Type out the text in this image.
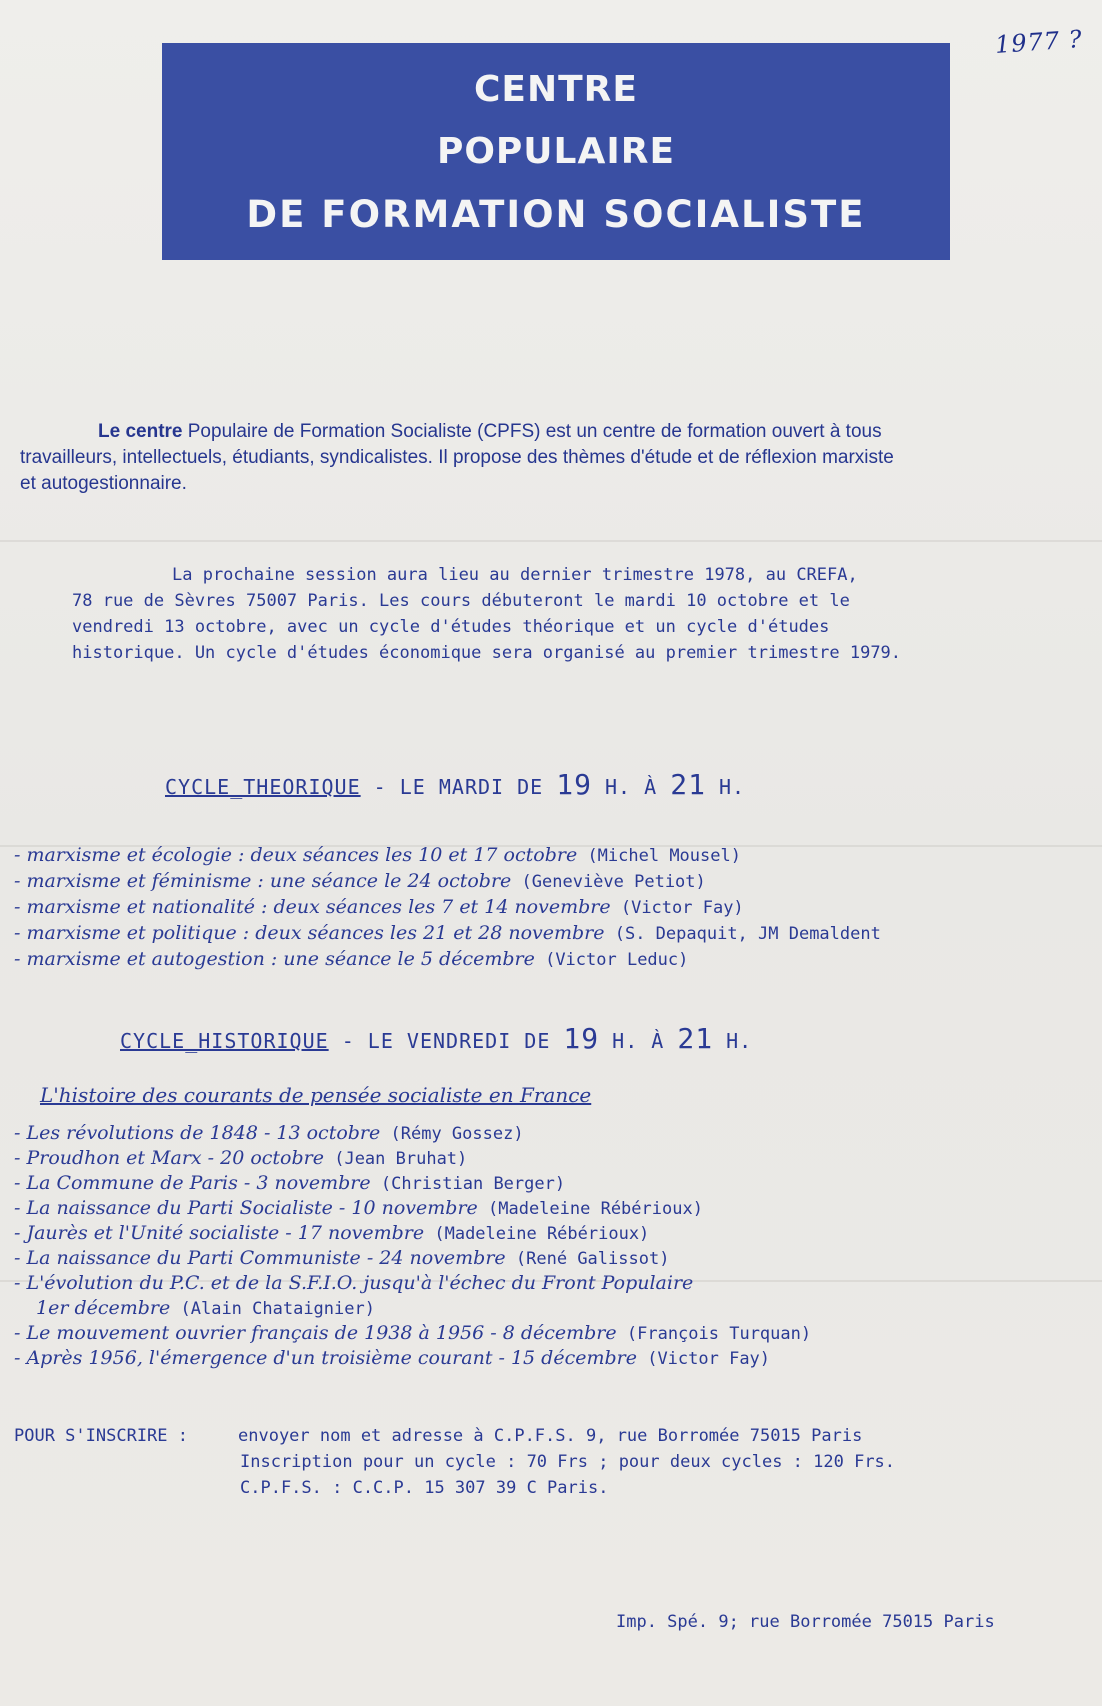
1977 ?
CENTRE
POPULAIRE
DE FORMATION SOCIALISTE
Le centre Populaire de Formation Socialiste (CPFS) est un centre de formation ouvert à tous
travailleurs, intellectuels, étudiants, syndicalistes. Il propose des thèmes d'étude et de réflexion marxiste
et autogestionnaire.
La prochaine session aura lieu au dernier trimestre 1978, au CREFA,
78 rue de Sèvres 75007 Paris. Les cours débuteront le mardi 10 octobre et le
vendredi 13 octobre, avec un cycle d'études théorique et un cycle d'études
historique. Un cycle d'études économique sera organisé au premier trimestre 1979.
CYCLE_THEORIQUE - LE MARDI DE 19 H. À 21 H.
- marxisme et écologie : deux séances les 10 et 17 octobre (Michel Mousel)
- marxisme et féminisme : une séance le 24 octobre (Geneviève Petiot)
- marxisme et nationalité : deux séances les 7 et 14 novembre (Victor Fay)
- marxisme et politique : deux séances les 21 et 28 novembre (S. Depaquit, JM Demaldent
- marxisme et autogestion : une séance le 5 décembre (Victor Leduc)
CYCLE_HISTORIQUE - LE VENDREDI DE 19 H. À 21 H.
L'histoire des courants de pensée socialiste en France
- Les révolutions de 1848 - 13 octobre (Rémy Gossez)
- Proudhon et Marx - 20 octobre (Jean Bruhat)
- La Commune de Paris - 3 novembre (Christian Berger)
- La naissance du Parti Socialiste - 10 novembre (Madeleine Rébérioux)
- Jaurès et l'Unité socialiste - 17 novembre (Madeleine Rébérioux)
- La naissance du Parti Communiste - 24 novembre (René Galissot)
- L'évolution du P.C. et de la S.F.I.O. jusqu'à l'échec du Front Populaire
1er décembre (Alain Chataignier)
- Le mouvement ouvrier français de 1938 à 1956 - 8 décembre (François Turquan)
- Après 1956, l'émergence d'un troisième courant - 15 décembre (Victor Fay)
POUR S'INSCRIRE :	envoyer nom et adresse à C.P.F.S. 9, rue Borromée 75015 Paris
Inscription pour un cycle : 70 Frs ; pour deux cycles : 120 Frs.
C.P.F.S. : C.C.P. 15 307 39 C Paris.
Imp. Spé. 9; rue Borromée 75015 Paris
